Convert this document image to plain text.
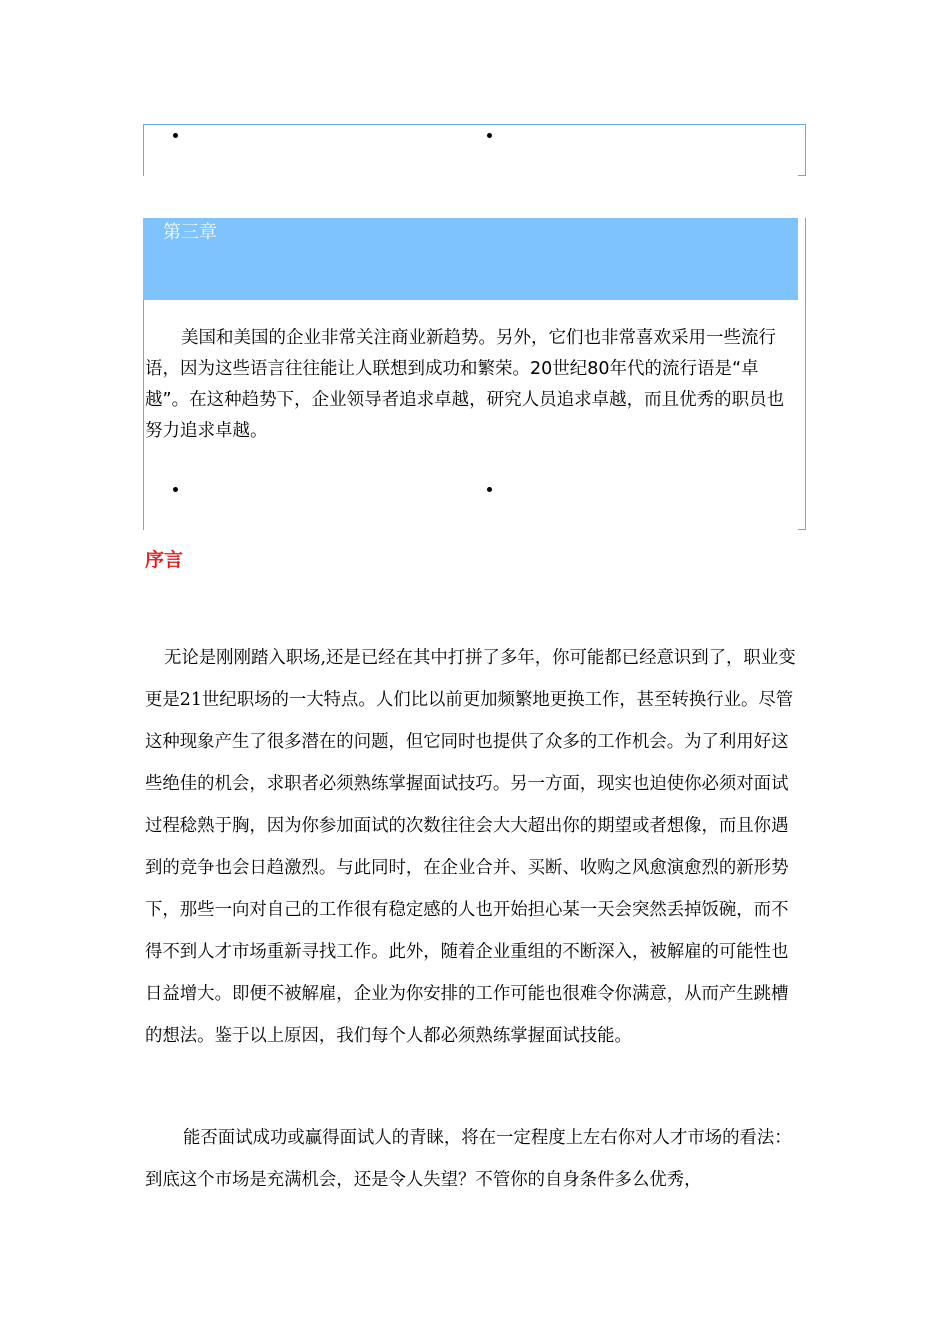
第三章

美国和美国的企业非常关注商业新趋势。另外，它们也非常喜欢采用一些流行语，因为这些语言往往能让人联想到成功和繁荣。20世纪80年代的流行语是“卓越”。在这种趋势下，企业领导者追求卓越，研究人员追求卓越，而且优秀的职员也努力追求卓越。

序言

无论是刚刚踏入职场,还是已经在其中打拼了多年，你可能都已经意识到了，职业变更是21世纪职场的一大特点。人们比以前更加频繁地更换工作，甚至转换行业。尽管这种现象产生了很多潜在的问题，但它同时也提供了众多的工作机会。为了利用好这些绝佳的机会，求职者必须熟练掌握面试技巧。另一方面，现实也迫使你必须对面试过程稔熟于胸，因为你参加面试的次数往往会大大超出你的期望或者想像，而且你遇到的竞争也会日趋激烈。与此同时，在企业合并、买断、收购之风愈演愈烈的新形势下，那些一向对自己的工作很有稳定感的人也开始担心某一天会突然丢掉饭碗，而不得不到人才市场重新寻找工作。此外，随着企业重组的不断深入，被解雇的可能性也日益增大。即便不被解雇，企业为你安排的工作可能也很难令你满意，从而产生跳槽的想法。鉴于以上原因，我们每个人都必须熟练掌握面试技能。

能否面试成功或赢得面试人的青睐，将在一定程度上左右你对人才市场的看法：到底这个市场是充满机会，还是令人失望？不管你的自身条件多么优秀，
